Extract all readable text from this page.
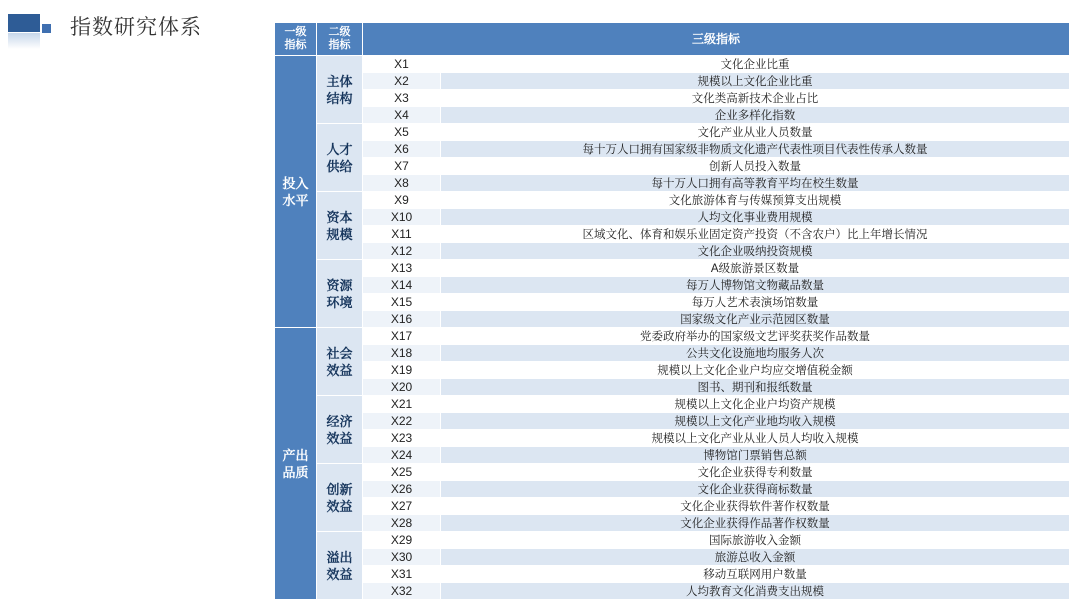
指数研究体系	一级
指标

二级
指标	三级指标

投入
水平

主体
结构
	X1	文化企业比重
		X2	规模以上文化企业比重
		X3	文化类高新技术企业占比
		X4	企业多样化指数

	人才
供给	X5	文化产业从业人员数量
		X6	每十万人口拥有国家级非物质文化遗产代表性项目代表性传承人数量
		X7	创新人员投入数量
		X8	每十万人口拥有高等教育平均在校生数量

	资本
规模	X9	文化旅游体育与传媒预算支出规模
		X10	人均文化事业费用规模
		X11	区域文化、体育和娱乐业固定资产投资（不含农户）比上年增长情况
		X12	文化企业吸纳投资规模

	资源
环境	X13	A级旅游景区数量
		X14	每万人博物馆文物藏品数量
		X15	每万人艺术表演场馆数量
		X16	国家级文化产业示范园区数量

产出
品质

社会
效益
	X17	党委政府举办的国家级文艺评奖获奖作品数量
		X18	公共文化设施地均服务人次
		X19	规模以上文化企业户均应交增值税金额
		X20	图书、期刊和报纸数量

	经济
效益	X21	规模以上文化企业户均资产规模
		X22	规模以上文化产业地均收入规模
		X23	规模以上文化产业从业人员人均收入规模
		X24	博物馆门票销售总额

	创新
效益	X25	文化企业获得专利数量
		X26	文化企业获得商标数量
		X27	文化企业获得软件著作权数量
		X28	文化企业获得作品著作权数量

	溢出
效益	X29	国际旅游收入金额
		X30	旅游总收入金额
		X31	移动互联网用户数量
		X32	人均教育文化消费支出规模
